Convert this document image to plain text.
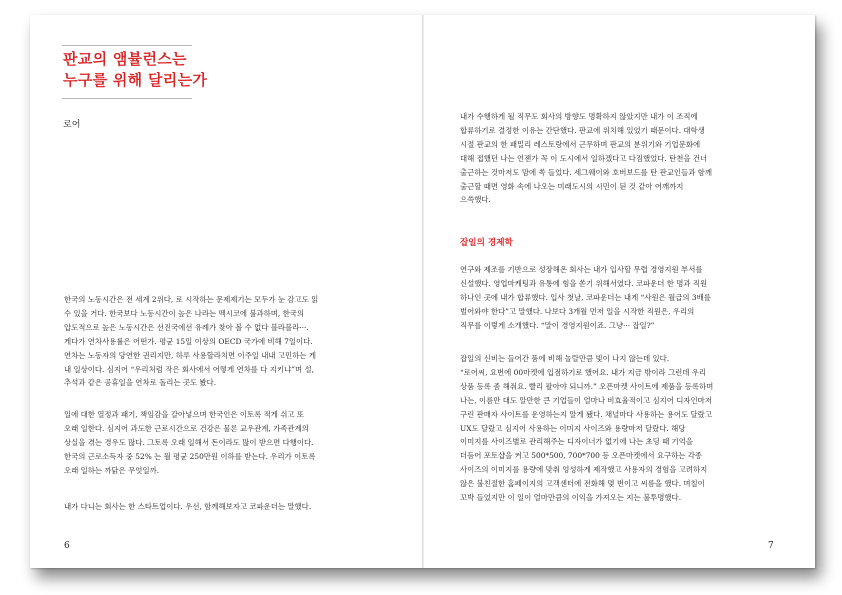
판교의 앰뷸런스는
누구를 위해 달리는가
로어

한국의 노동시간은 전 세계 2위다, 로 시작하는 문제제기는 모두가 눈 감고도 읽
수 있을 거다. 한국보다 노동시간이 높은 나라는 멕시코에 불과하며, 한국의
압도적으로 높은 노동시간은 선진국에선 유례가 찾아 볼 수 없다 블라블라···.
게다가 연차사용률은 어떤가. 평균 15일 이상의 OECD 국가에 비해 7일이다.
연차는 노동자의 당연한 권리지만, 하루 사용할라치면 이주일 내내 고민하는 게
내 일상이다. 심지어 “우리처럼 작은 회사에서 어떻게 연차를 다 지키냐”며 설,
추석과 같은 공휴일을 연차로 돌리는 곳도 봤다.

일에 대한 열정과 패기, 책임감을 갈아넣으며 한국인은 이토록 적게 쉬고 또
오래 일한다. 심지어 과도한 근로시간으로 건강은 물론 교우관계, 가족관계의
상실을 겪는 경우도 많다. 그토록 오래 일해서 돈이라도 많이 받으면 다행이다.
한국의 근로소득자 중 52% 는 월 평균 250만원 이하를 받는다. 우리가 이토록
오래 일하는 까닭은 무엇일까.

내가 다니는 회사는 한 스타트업이다. 우선, 함께해보자고 코파운더는 말했다.

6

내가 수행하게 될 직무도 회사의 방향도 명확하지 않았지만 내가 이 조직에
합류하기로 결정한 이유는 간단했다. 판교에 위치해 있었기 때문이다. 대학생
시절 판교의 한 패밀리 레스토랑에서 근무하며 판교의 분위기와 기업문화에
대해 접했던 나는 언젠가 꼭 이 도시에서 일하겠다고 다짐했었다. 탄천을 건너
출근하는 것마저도 맘에 쏙 들었다. 세그웨이와 호버보드를 탄 판교인들과 함께
출근할 때면 영화 속에 나오는 미래도시의 시민이 된 것 같아 어깨까지
으쓱했다.

잡일의 경제학

연구와 제조를 기반으로 성장해온 회사는 내가 입사할 무렵 경영지원 부서를
신설했다. 영업마케팅과 유통에 힘을 쏟기 위해서였다. 코파운더 한 명과 직원
하나인 곳에 내가 합류했다. 입사 첫날, 코파운더는 내게 “사원은 월급의 3배를
벌어와야 한다”고 말했다. 나보다 3개월 먼저 일을 시작한 직원은, 우리의
직무를 이렇게 소개했다. “말이 경영지원이죠. 그냥··· 잡일?”

잡일의 신비는 들어간 품에 비해 놀랄만큼 빛이 나지 않는데 있다.
“로어씨, 요번에 00마켓에 입점하기로 했어요. 내가 지금 밖이라 그런데 우리
상품 등록 좀 해줘요. 빨리 팔아야 되니까.” 오픈마켓 사이트에 제품을 등록하며
나는, 이름만 대도 알만한 큰 기업들이 얼마나 비효율적이고 심지어 디자인마저
구린 판매자 사이트를 운영하는지 알게 됐다. 채널마다 사용하는 용어도 달랐고
UX도 달랐고 심지어 사용하는 이미지 사이즈와 용량마저 달랐다. 해당
이미지를 사이즈별로 관리해주는 디자이너가 없기에 나는 초딩 때 기억을
더듬어 포토샵을 켜고 500*500, 700*700 등 오픈마켓에서 요구하는 각종
사이즈의 이미지를 용량에 맞춰 엉성하게 제작했고 사용자의 경험을 고려하지
않은 불친절한 홈페이지의 고객센터에 전화해 몇 번이고 씨름을 했다. 며칠이
꼬박 들었지만 이 일이 얼마만큼의 이익을 가져오는 지는 불투명했다.

7
